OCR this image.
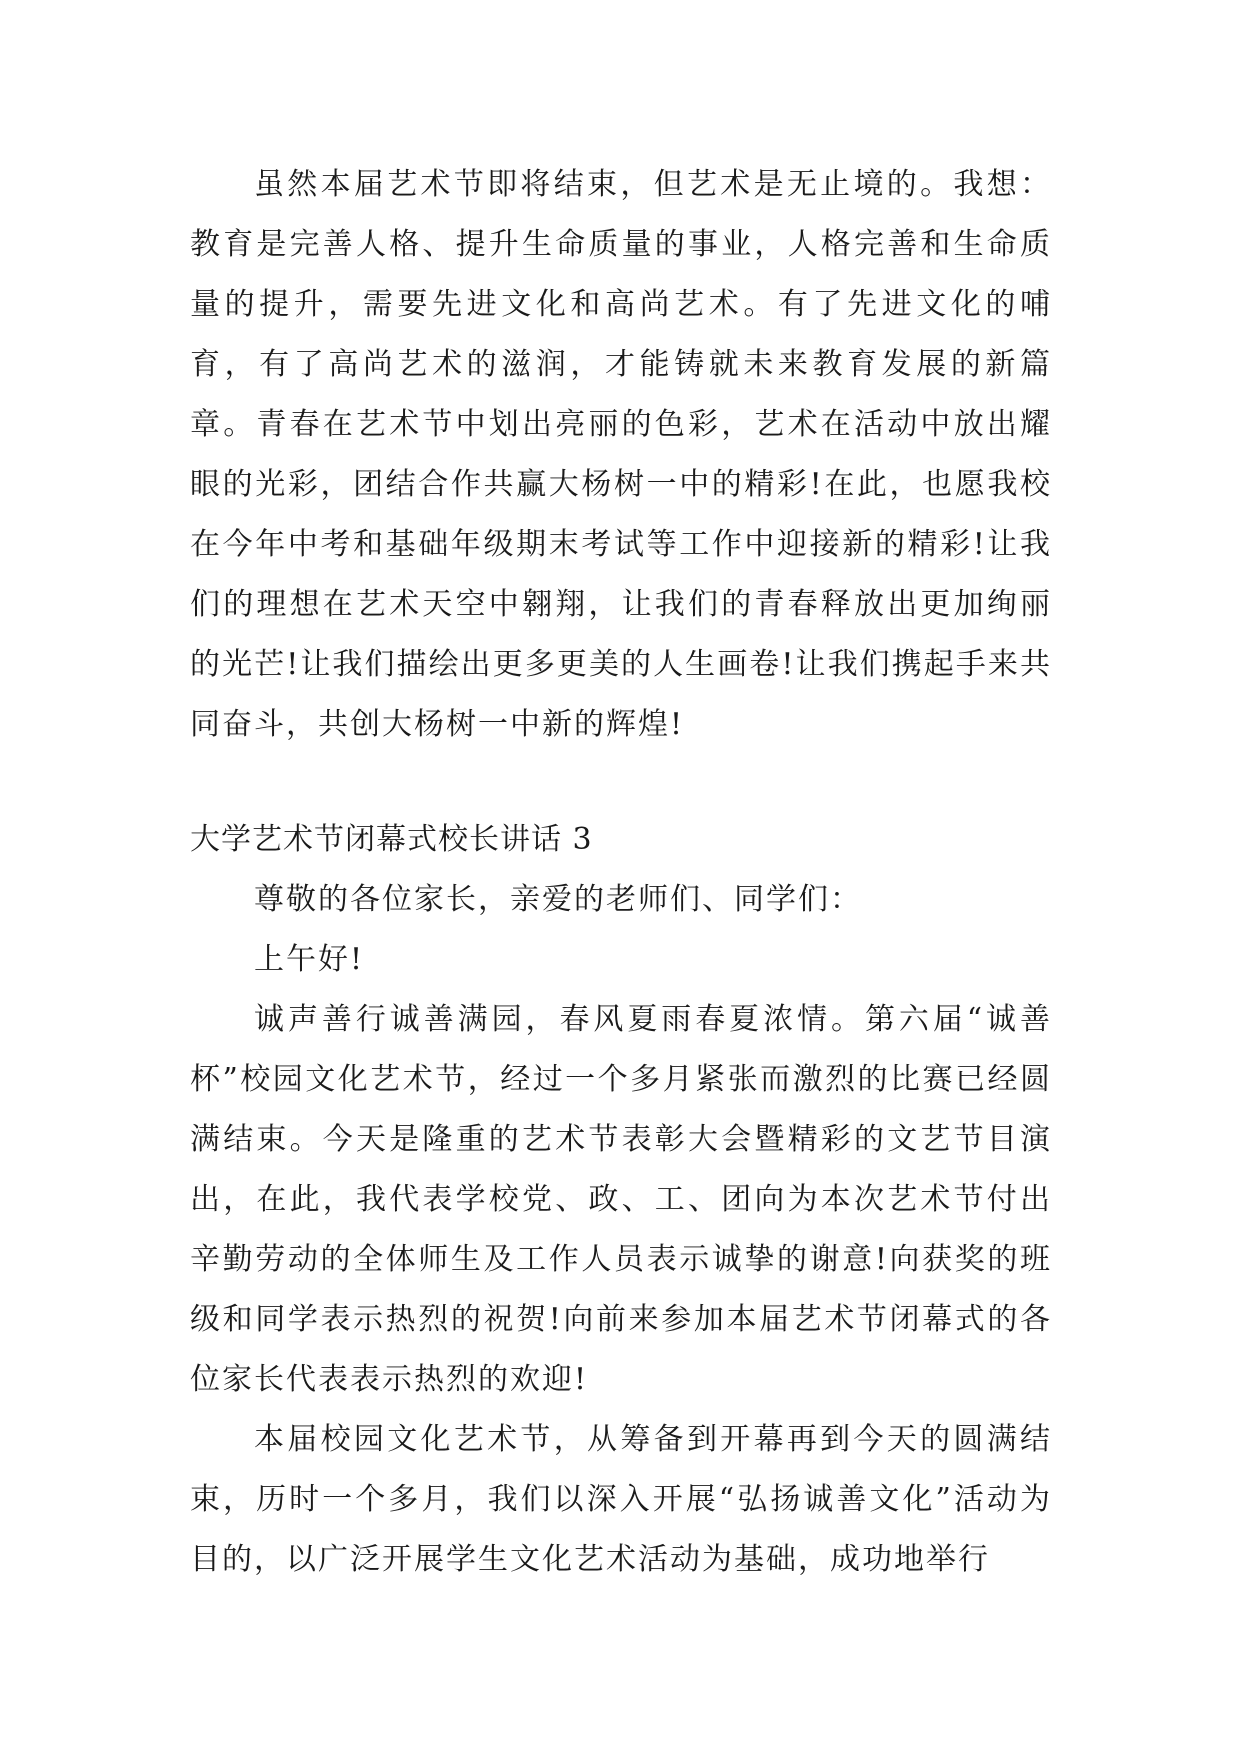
虽然本届艺术节即将结束，但艺术是无止境的。我想：教育是完善人格、提升生命质量的事业，人格完善和生命质量的提升，需要先进文化和高尚艺术。有了先进文化的哺育，有了高尚艺术的滋润，才能铸就未来教育发展的新篇章。青春在艺术节中划出亮丽的色彩，艺术在活动中放出耀眼的光彩，团结合作共赢大杨树一中的精彩!在此，也愿我校在今年中考和基础年级期末考试等工作中迎接新的精彩!让我们的理想在艺术天空中翱翔，让我们的青春释放出更加绚丽的光芒!让我们描绘出更多更美的人生画卷!让我们携起手来共同奋斗，共创大杨树一中新的辉煌!

大学艺术节闭幕式校长讲话 3

尊敬的各位家长，亲爱的老师们、同学们：

上午好!

诚声善行诚善满园，春风夏雨春夏浓情。第六届“诚善杯”校园文化艺术节，经过一个多月紧张而激烈的比赛已经圆满结束。今天是隆重的艺术节表彰大会暨精彩的文艺节目演出，在此，我代表学校党、政、工、团向为本次艺术节付出辛勤劳动的全体师生及工作人员表示诚挚的谢意!向获奖的班级和同学表示热烈的祝贺!向前来参加本届艺术节闭幕式的各位家长代表表示热烈的欢迎!

本届校园文化艺术节，从筹备到开幕再到今天的圆满结束，历时一个多月，我们以深入开展“弘扬诚善文化”活动为目的，以广泛开展学生文化艺术活动为基础，成功地举行
